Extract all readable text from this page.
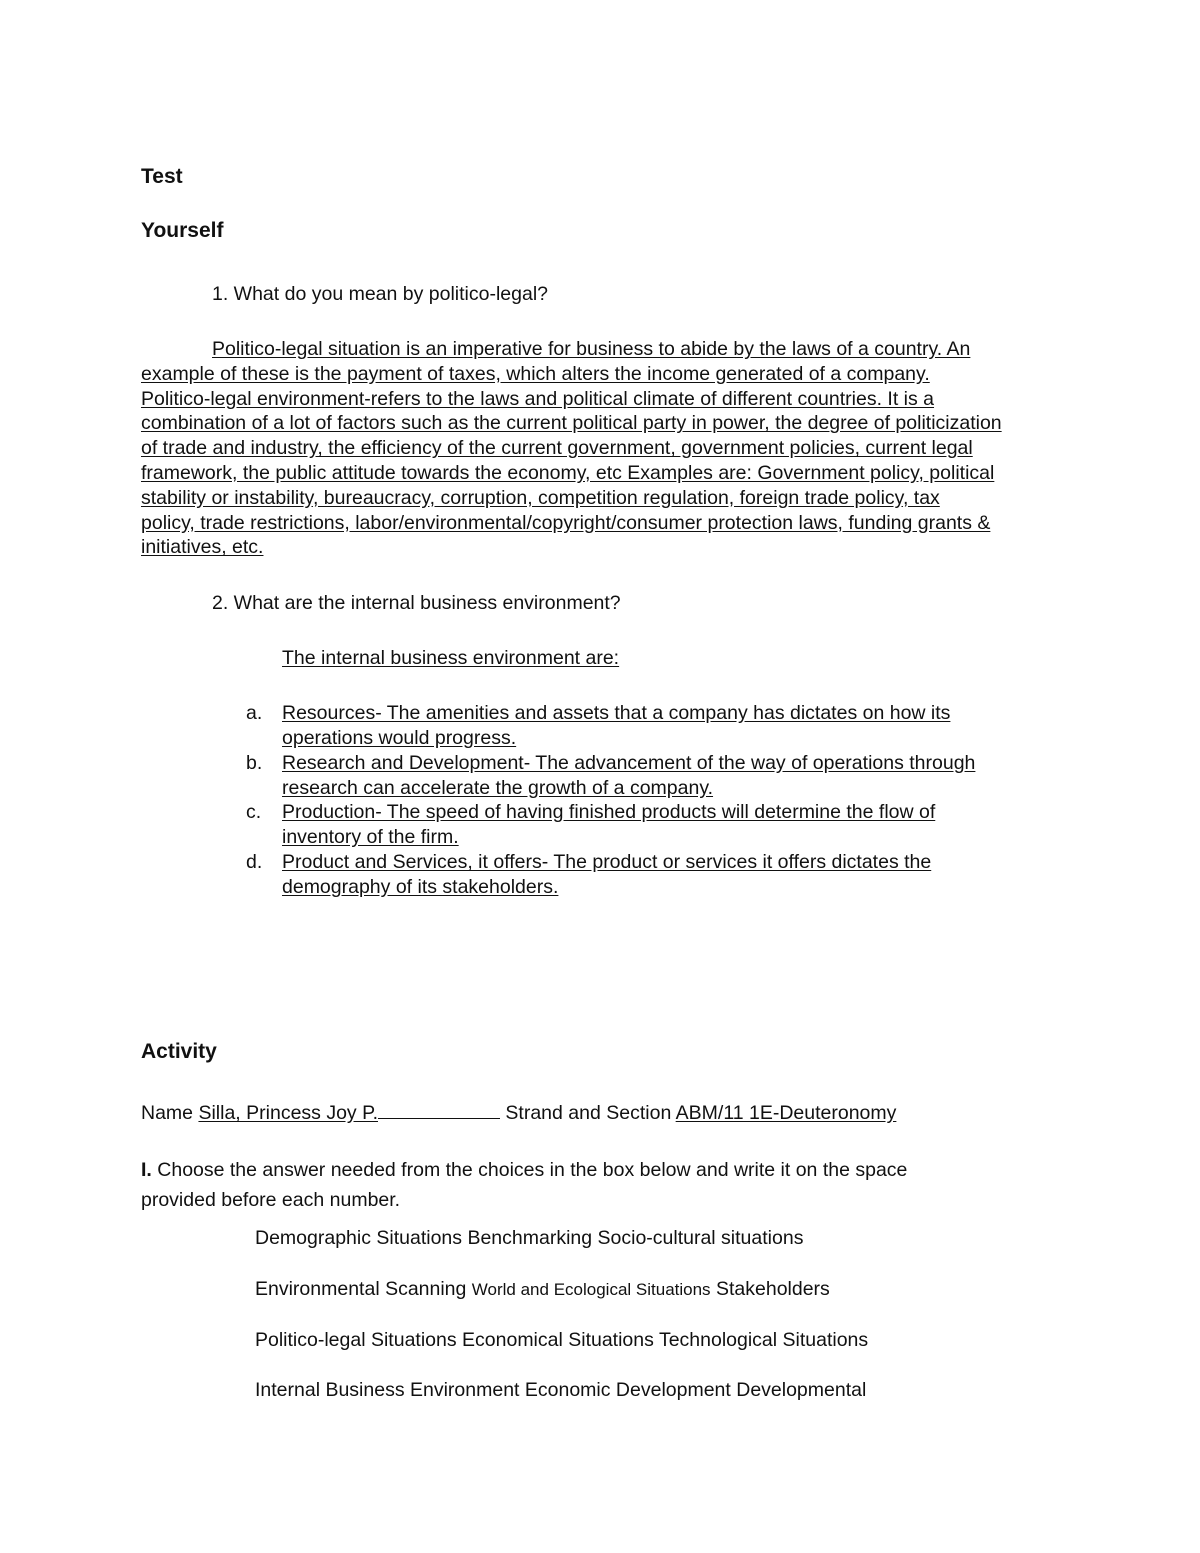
Test
Yourself
1. What do you mean by politico-legal?
Politico-legal situation is an imperative for business to abide by the laws of a country. An
example of these is the payment of taxes, which alters the income generated of a company.
Politico-legal environment-refers to the laws and political climate of different countries. It is a
combination of a lot of factors such as the current political party in power, the degree of politicization
of trade and industry, the efficiency of the current government, government policies, current legal
framework, the public attitude towards the economy, etc Examples are: Government policy, political
stability or instability, bureaucracy, corruption, competition regulation, foreign trade policy, tax
policy, trade restrictions, labor/environmental/copyright/consumer protection laws, funding grants &
initiatives, etc.
2. What are the internal business environment?
The internal business environment are:
a.	Resources- The amenities and assets that a company has dictates on how its
operations would progress.
b.	Research and Development- The advancement of the way of operations through
research can accelerate the growth of a company.
c.	Production- The speed of having finished products will determine the flow of
inventory of the firm.
d.	Product and Services, it offers- The product or services it offers dictates the
demography of its stakeholders.
Activity
Name Silla, Princess Joy P.	Strand and Section ABM/11 1E-Deuteronomy
I. Choose the answer needed from the choices in the box below and write it on the space
provided before each number.
Demographic Situations Benchmarking Socio-cultural situations
Environmental Scanning World and Ecological Situations Stakeholders
Politico-legal Situations Economical Situations Technological Situations
Internal Business Environment Economic Development Developmental
